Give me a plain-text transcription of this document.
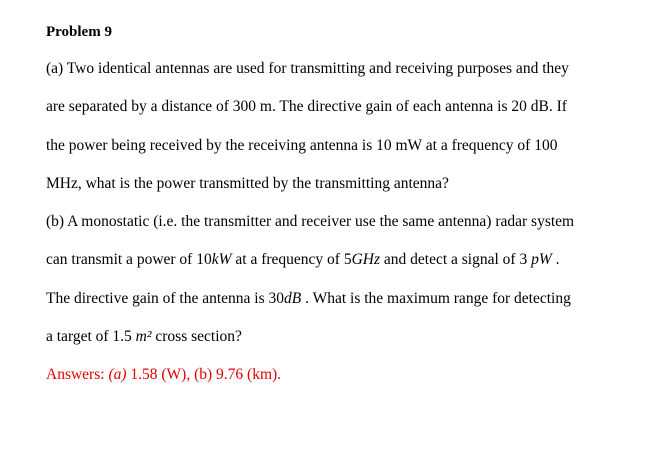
Problem 9
(a) Two identical antennas are used for transmitting and receiving purposes and they
are separated by a distance of 300 m. The directive gain of each antenna is 20 dB. If
the power being received by the receiving antenna is 10 mW at a frequency of 100
MHz, what is the power transmitted by the transmitting antenna?
(b) A monostatic (i.e. the transmitter and receiver use the same antenna) radar system
can transmit a power of 10kW at a frequency of 5GHz and detect a signal of 3 pW .
The directive gain of the antenna is 30dB . What is the maximum range for detecting
a target of 1.5 m² cross section?
Answers: (a) 1.58 (W), (b) 9.76 (km).
